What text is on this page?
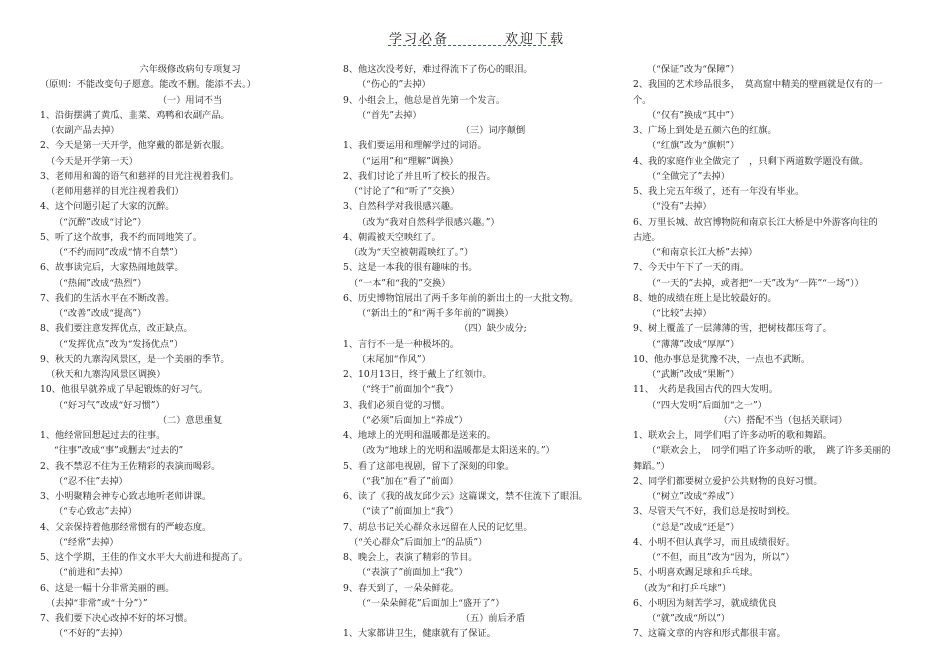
学习必备	欢迎下载
六年级修改病句专项复习
（原则：不能改变句子愿意。能改不删。能添不去。）
（一）用词不当
1、沿街摆满了黄瓜、韭菜、鸡鸭和农副产品。
（农副产品去掉）
2、今天是第一天开学，他穿戴的都是新衣服。
（今天是开学第一天）
3、老师用和蔼的语气和慈祥的目光注视着我们。
（老师用慈祥的目光注视着我们）
4、这个问题引起了大家的沉醉。
（“沉醉”改成“讨论”）
5、听了这个故事，我不约而同地笑了。
（“不约而同”改成“情不自禁”）
6、故事读完后，大家热闹地鼓掌。
（“热闹”改成“热烈”）
7、我们的生活水平在不断改善。
（“改善”改成“提高”）
8、我们要注意发挥优点，改正缺点。
（“发挥优点”改为“发扬优点”）
9、秋天的九寨沟风景区，是一个美丽的季节。
（秋天和九寨沟风景区调换）
10、他很早就养成了早起锻炼的好习气。
（“好习气”改成“好习惯”）
（二）意思重复
1、他经常回想起过去的往事。
“往事”改成“事”或删去“过去的”
2、我不禁忍不住为王佐精彩的表演而喝彩。
（“忍不住”去掉）
3、小明聚精会神专心致志地听老师讲课。
（“专心致志”去掉）
4、父亲保持着他那经常惯有的严峻态度。
（“经常”去掉）
5、这个学期，王佳的作文水平大大前进和提高了。
（“前进和”去掉）
6、这是一幅十分非常美丽的画。
（去掉“非常”或“十分”）”
7、我们要下决心改掉不好的坏习惯。
（“不好的”去掉）
8、他这次没考好，难过得流下了伤心的眼泪。
（“伤心的”去掉）
9、小组会上，他总是首先第一个发言。
（“首先”去掉）
（三）词序颠倒
1、我们要运用和理解学过的词语。
（“运用”和“理解”调换）
2、我们讨论了并且听了校长的报告。
（“讨论了”和“听了”交换）
3、自然科学对我很感兴趣。
（改为“我对自然科学很感兴趣。”）
4、朝霞被天空映红了。
（改为“天空被朝霞映红了。”）
5、这是一本我的很有趣味的书。
（“一本”和“我的”交换）
6、历史博物馆展出了两千多年前的新出土的一大批文物。
（“新出土的”和“两千多年前的”调换）
（四）缺少成分;
1、言行不一是一种极坏的。
（末尾加“作风”）
2、10月13日，终于戴上了红领巾。
（“终于”前面加个“我”）
3、我们必须自觉的习惯。
（“必须”后面加上“养成”）
4、地球上的光明和温暖都是送来的。
（改为“地球上的光明和温暖都是太阳送来的。”）
5、看了这部电视剧，留下了深刻的印象。
（“我”加在“看了”前面）
6、读了《我的战友邱少云》这篇课文，禁不住流下了眼泪。
（“读了”前面加上“我”）
7、胡总书记关心群众永远留在人民的记忆里。
（“关心群众”后面加上“的品质”）
8、晚会上，表演了精彩的节目。
（“表演了”前面加上“我”）
9、春天到了，一朵朵鲜花。
（“一朵朵鲜花”后面加上“盛开了”）
（五）前后矛盾
1、大家都讲卫生，健康就有了保证。
（“保证”改为“保障”）
2、我国的艺术珍品很多，　莫高窟中精美的壁画就是仅有的一
个。
（“仅有”换成“其中”）
3、广场上到处是五颜六色的红旗。
（“红旗”改为“旗帜”）
4、我的家庭作业全做完了　，只剩下两道数学题没有做。
（“全做完了”去掉）
5、我上完五年级了，还有一年没有毕业。
（“没有”去掉）
6、万里长城、故宫博物院和南京长江大桥是中外游客向往的
古迹。
（“和南京长江大桥”去掉）
7、今天中午下了一天的雨。
（“一天的”去掉，或者把“一天”改为“一阵”“一场”））
8、她的成绩在班上是比较最好的。
（“比较”去掉）
9、树上覆盖了一层薄薄的雪，把树枝都压弯了。
（“薄薄”改成“厚厚”）
10、他办事总是犹豫不决，一点也不武断。
（“武断”改成“果断”）
11、　火药是我国古代的四大发明。
（“四大发明”后面加“之一”）
（六）搭配不当（包括关联词）
1、联欢会上，同学们唱了许多动听的歌和舞蹈。
（“联欢会上，　同学们唱了许多动听的歌，　跳了许多美丽的
舞蹈。”）
2、同学们都要树立爱护公共财物的良好习惯。
（“树立”改成“养成”）
3、尽管天气不好，我们总是按时到校。
（“总是”改成“还是”）
4、小明不但认真学习，而且成绩很好。
（“不但，而且”改为“因为，所以”）
5、小明喜欢踢足球和乒乓球。
（改为“和打乒乓球”）
6、小明因为刻苦学习，就成绩优良
（“就”改成“所以”）
7、这篇文章的内容和形式都很丰富。
